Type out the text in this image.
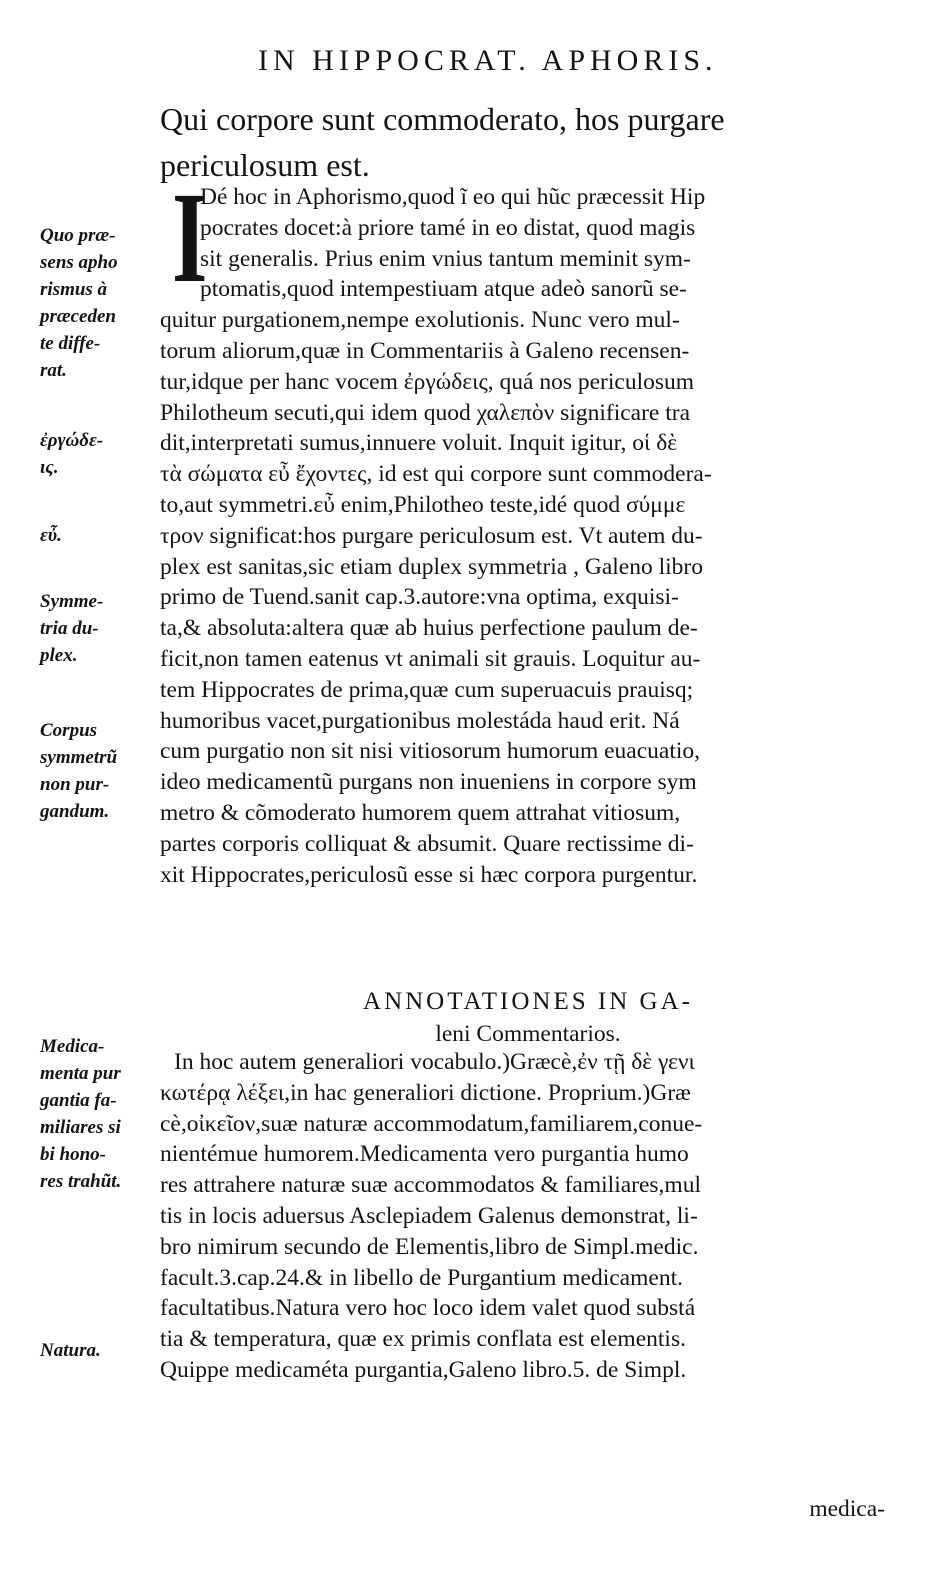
IN HIPPOCRAT. APHORIS.
Qui corpore sunt commoderato, hos purgare
periculosum est.
I
Dé hoc in Aphorismo,quod ĩ eo qui hũc præcessit Hip
pocrates docet:à priore tamé in eo distat, quod magis
sit generalis. Prius enim vnius tantum meminit sym-
ptomatis,quod intempestiuam atque adeò sanorũ se-
quitur purgationem,nempe exolutionis. Nunc vero mul-
torum aliorum,quæ in Commentariis à Galeno recensen-
tur,idque per hanc vocem ἐργώδεις, quá nos periculosum
Philotheum secuti,qui idem quod χαλεπὸν significare tra
dit,interpretati sumus,innuere voluit. Inquit igitur, οἱ δὲ
τὰ σώματα εὖ ἔχοντες, id est qui corpore sunt commodera-
to,aut symmetri.εὖ enim,Philotheo teste,idé quod σύμμε
τρον significat:hos purgare periculosum est. Vt autem du-
plex est sanitas,sic etiam duplex symmetria , Galeno libro
primo de Tuend.sanit cap.3.autore:vna optima, exquisi-
ta,& absoluta:altera quæ ab huius perfectione paulum de-
ficit,non tamen eatenus vt animali sit grauis. Loquitur au-
tem Hippocrates de prima,quæ cum superuacuis prauisq;
humoribus vacet,purgationibus molestáda haud erit. Ná
cum purgatio non sit nisi vitiosorum humorum euacuatio,
ideo medicamentũ purgans non inueniens in corpore sym
metro & cõmoderato humorem quem attrahat vitiosum,
partes corporis colliquat & absumit. Quare rectissime di-
xit Hippocrates,periculosũ esse si hæc corpora purgentur.
ANNOTATIONES IN GA-
leni Commentarios.
In hoc autem generaliori vocabulo.)Græcè,ἐν τῇ δὲ γενι
κωτέρᾳ λέξει,in hac generaliori dictione. Proprium.)Græ
cè,οἰκεῖον,suæ naturæ accommodatum,familiarem,conue-
nientémue humorem.Medicamenta vero purgantia humo
res attrahere naturæ suæ accommodatos & familiares,mul
tis in locis aduersus Asclepiadem Galenus demonstrat, li-
bro nimirum secundo de Elementis,libro de Simpl.medic.
facult.3.cap.24.& in libello de Purgantium medicament.
facultatibus.Natura vero hoc loco idem valet quod substá
tia & temperatura, quæ ex primis conflata est elementis.
Quippe medicaméta purgantia,Galeno libro.5. de Simpl.
medica-
Quo præ-
sens apho
rismus à
præceden
te diffe-
rat.
ἐργώδε-
ις.
εὖ.
Symme-
tria du-
plex.
Corpus
symmetrũ
non pur-
gandum.
Medica-
menta pur
gantia fa-
miliares si
bi hono-
res trahũt.
Natura.
